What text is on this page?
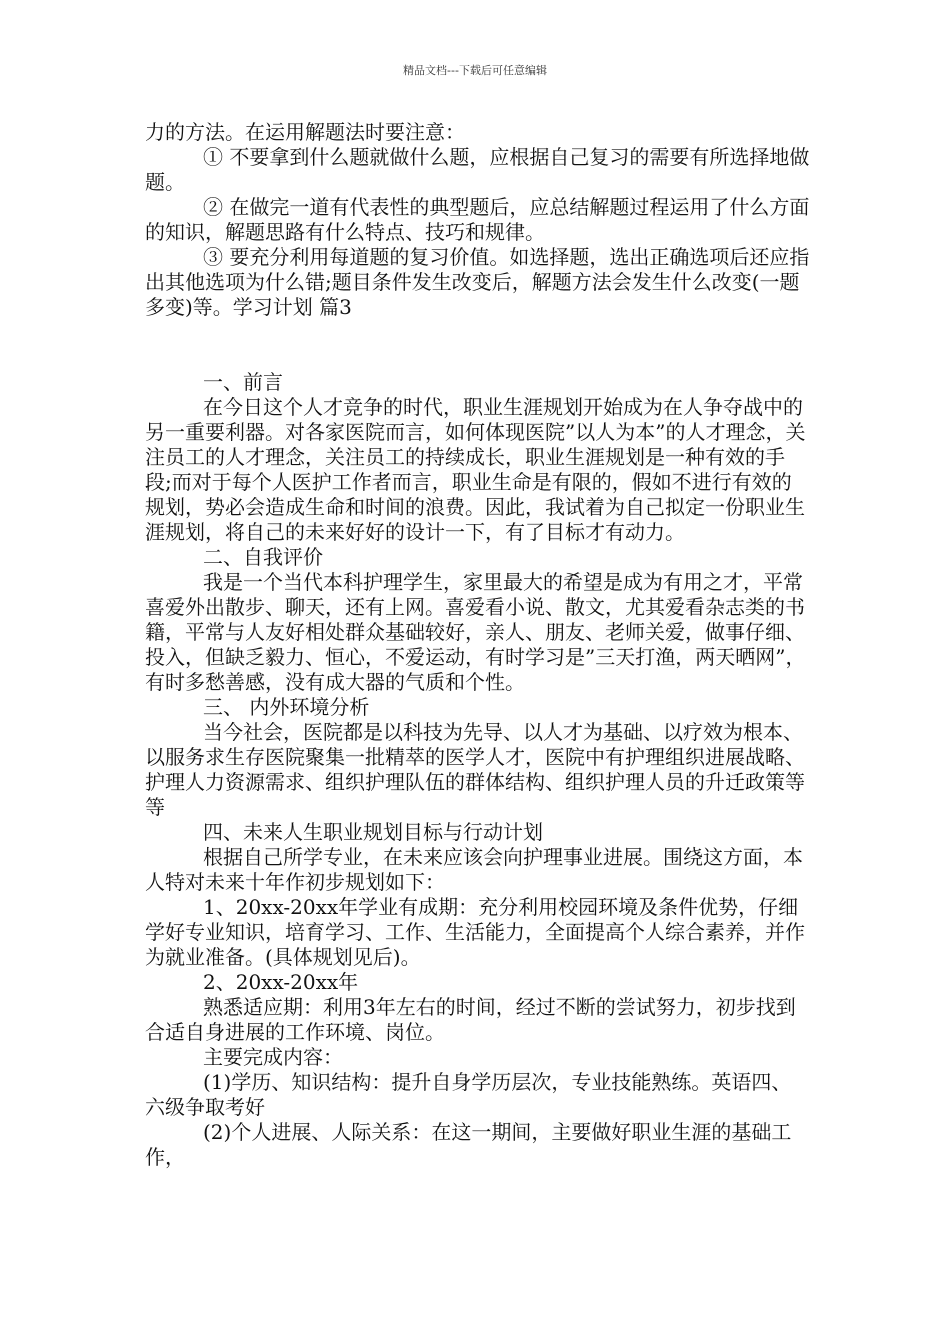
精品文档---下载后可任意编辑

力的方法。在运用解题法时要注意：

① 不要拿到什么题就做什么题，应根据自己复习的需要有所选择地做题。

② 在做完一道有代表性的典型题后，应总结解题过程运用了什么方面的知识，解题思路有什么特点、技巧和规律。

③ 要充分利用每道题的复习价值。如选择题，选出正确选项后还应指出其他选项为什么错;题目条件发生改变后，解题方法会发生什么改变(一题多变)等。学习计划 篇3

一、前言

在今日这个人才竞争的时代，职业生涯规划开始成为在人争夺战中的另一重要利器。对各家医院而言，如何体现医院”以人为本”的人才理念，关注员工的人才理念，关注员工的持续成长，职业生涯规划是一种有效的手段;而对于每个人医护工作者而言，职业生命是有限的，假如不进行有效的规划，势必会造成生命和时间的浪费。因此，我试着为自己拟定一份职业生涯规划，将自己的未来好好的设计一下，有了目标才有动力。

二、自我评价

我是一个当代本科护理学生，家里最大的希望是成为有用之才，平常喜爱外出散步、聊天，还有上网。喜爱看小说、散文，尤其爱看杂志类的书籍，平常与人友好相处群众基础较好，亲人、朋友、老师关爱，做事仔细、投入，但缺乏毅力、恒心，不爱运动，有时学习是”三天打渔，两天晒网”，有时多愁善感，没有成大器的气质和个性。

三、 内外环境分析

当今社会，医院都是以科技为先导、以人才为基础、以疗效为根本、以服务求生存医院聚集一批精萃的医学人才，医院中有护理组织进展战略、护理人力资源需求、组织护理队伍的群体结构、组织护理人员的升迁政策等等

四、未来人生职业规划目标与行动计划

根据自己所学专业，在未来应该会向护理事业进展。围绕这方面，本人特对未来十年作初步规划如下：

1、20xx-20xx年学业有成期：充分利用校园环境及条件优势，仔细学好专业知识，培育学习、工作、生活能力，全面提高个人综合素养，并作为就业准备。(具体规划见后)。

2、20xx-20xx年

熟悉适应期：利用3年左右的时间，经过不断的尝试努力，初步找到合适自身进展的工作环境、岗位。

主要完成内容：

(1)学历、知识结构：提升自身学历层次，专业技能熟练。英语四、六级争取考好

(2)个人进展、人际关系：在这一期间，主要做好职业生涯的基础工作，
